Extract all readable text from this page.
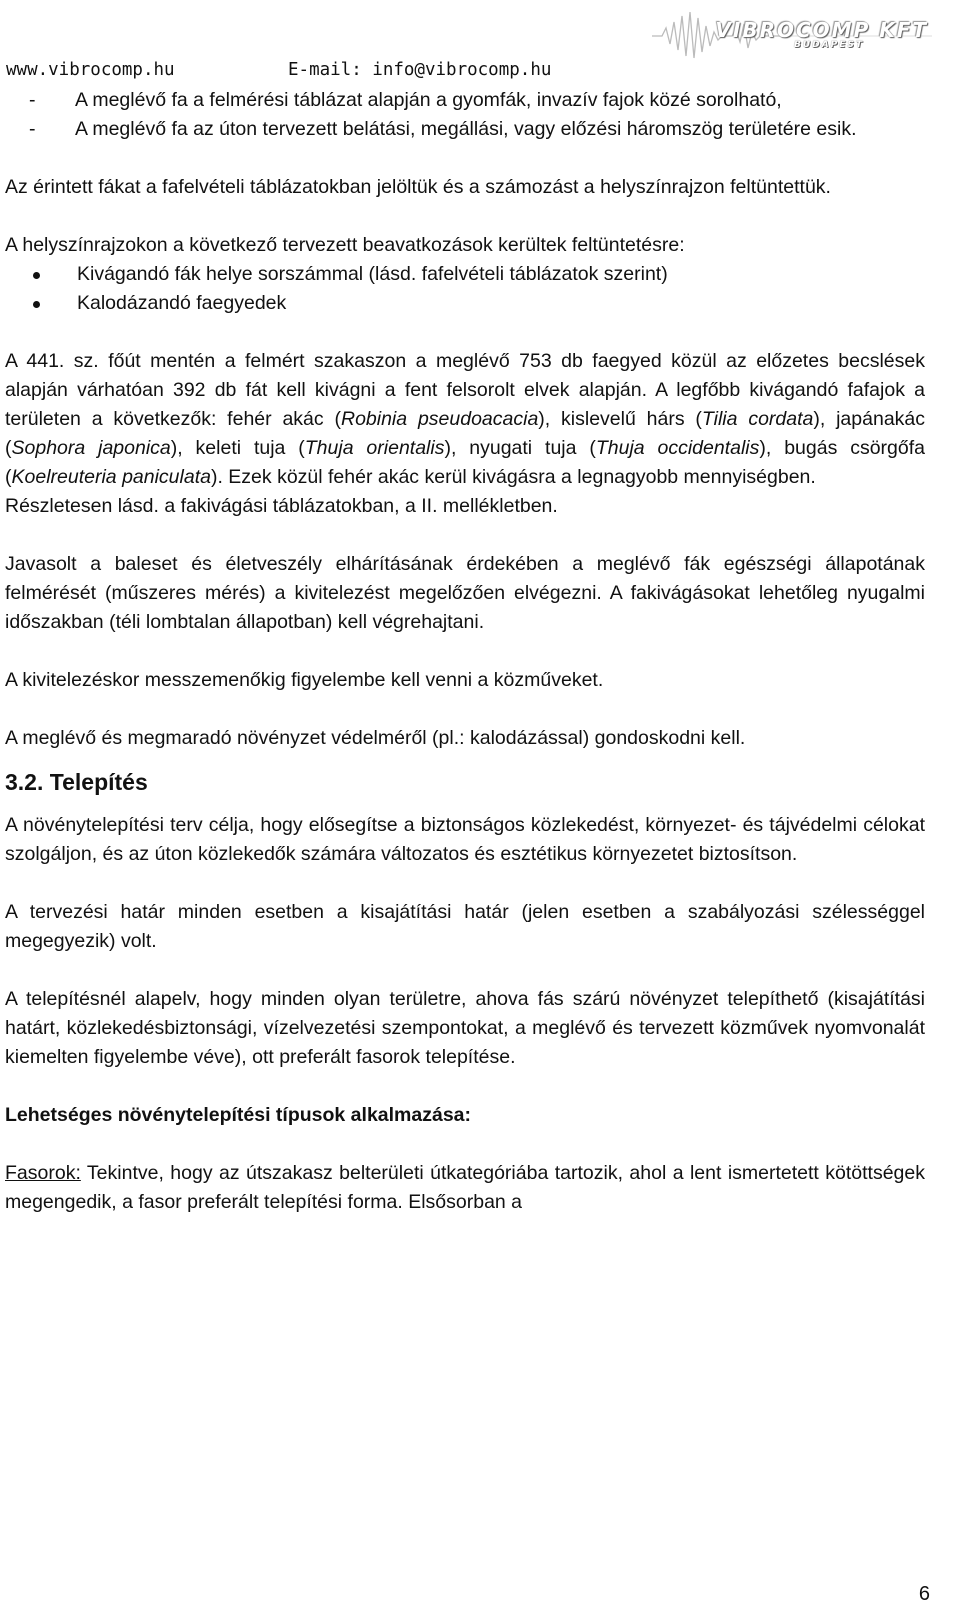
www.vibrocomp.hu	E-mail: info@vibrocomp.hu
VIBROCOMP KFT
BUDAPEST
-	A meglévő fa a felmérési táblázat alapján a gyomfák, invazív fajok közé sorolható,
-	A meglévő fa az úton tervezett belátási, megállási, vagy előzési háromszög területére esik.

Az érintett fákat a fafelvételi táblázatokban jelöltük és a számozást a helyszínrajzon feltüntettük.

A helyszínrajzokon a következő tervezett beavatkozások kerültek feltüntetésre:

Kivágandó fák helye sorszámmal (lásd. fafelvételi táblázatok szerint)
Kalodázandó faegyedek

A 441. sz. főút mentén a felmért szakaszon a meglévő 753 db faegyed közül az előzetes becslések alapján várhatóan 392 db fát kell kivágni a fent felsorolt elvek alapján. A legfőbb kivágandó fafajok a területen a következők: fehér akác (Robinia pseudoacacia), kislevelű hárs (Tilia cordata), japánakác (Sophora japonica), keleti tuja (Thuja orientalis), nyugati tuja (Thuja occidentalis), bugás csörgőfa (Koelreuteria paniculata). Ezek közül fehér akác kerül kivágásra a legnagyobb mennyiségben.

Részletesen lásd. a fakivágási táblázatokban, a II. mellékletben.

Javasolt a baleset és életveszély elhárításának érdekében a meglévő fák egészségi állapotának felmérését (műszeres mérés) a kivitelezést megelőzően elvégezni. A fakivágásokat lehetőleg nyugalmi időszakban (téli lombtalan állapotban) kell végrehajtani.

A kivitelezéskor messzemenőkig figyelembe kell venni a közműveket.

A meglévő és megmaradó növényzet védelméről (pl.: kalodázással) gondoskodni kell.

3.2. Telepítés

A növénytelepítési terv célja, hogy elősegítse a biztonságos közlekedést, környezet- és tájvédelmi célokat szolgáljon, és az úton közlekedők számára változatos és esztétikus környezetet biztosítson.

A tervezési határ minden esetben a kisajátítási határ (jelen esetben a szabályozási szélességgel megegyezik) volt.

A telepítésnél alapelv, hogy minden olyan területre, ahova fás szárú növényzet telepíthető (kisajátítási határt, közlekedésbiztonsági, vízelvezetési szempontokat, a meglévő és tervezett közművek nyomvonalát kiemelten figyelembe véve), ott preferált fasorok telepítése.

Lehetséges növénytelepítési típusok alkalmazása:

Fasorok: Tekintve, hogy az útszakasz belterületi útkategóriába tartozik, ahol a lent ismertetett kötöttségek megengedik, a fasor preferált telepítési forma. Elsősorban a

6
